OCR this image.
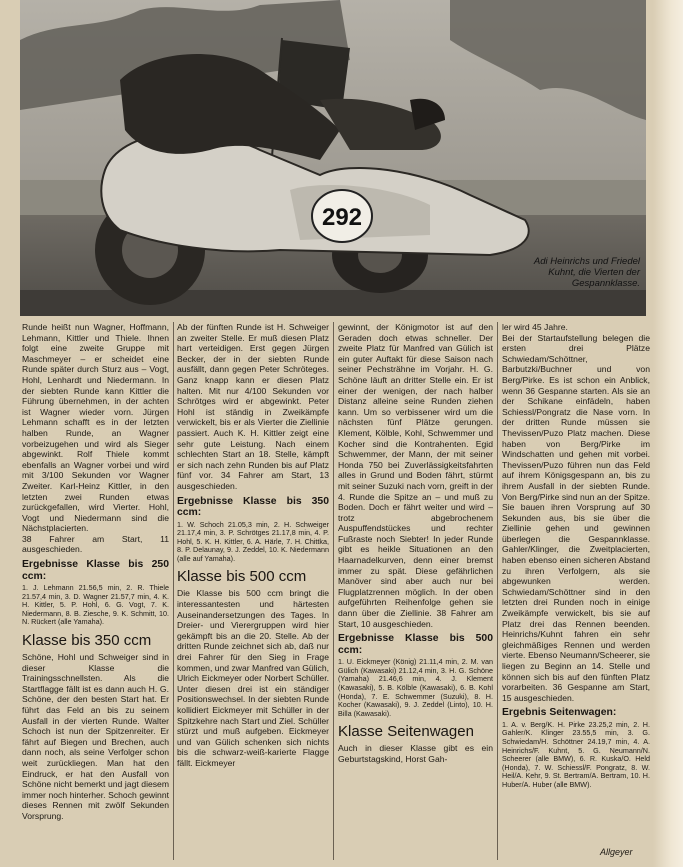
292
Adi Heinrichs und Friedel
Kuhnt, die Vierten der
Gespannklasse.

Runde heißt nun Wagner, Hoffmann, Lehmann, Kittler und Thiele. Ihnen folgt eine zweite Gruppe mit Maschmeyer – er scheidet eine Runde später durch Sturz aus – Vogt, Hohl, Lenhardt und Niedermann. In der siebten Runde kann Kittler die Führung übernehmen, in der achten ist Wagner wieder vorn. Jürgen Lehmann schafft es in der letzten halben Runde, an Wagner vorbeizugehen und wird als Sieger abgewinkt. Rolf Thiele kommt ebenfalls an Wagner vorbei und wird mit 3/100 Sekunden vor Wagner Zweiter. Karl-Heinz Kittler, in den letzten zwei Runden etwas zurückgefallen, wird Vierter. Hohl, Vogt und Niedermann sind die Nächstplacierten.

38 Fahrer am Start, 11 ausgeschieden.

Ergebnisse Klasse bis 250 ccm:

1. J. Lehmann 21.56,5 min, 2. R. Thiele 21.57,4 min, 3. D. Wagner 21.57,7 min, 4. K. H. Kittler, 5. P. Hohl, 6. G. Vogt, 7. K. Niedermann, 8. B. Ziesche, 9. K. Schmitt, 10. N. Rückert (alle Yamaha).

Klasse bis 350 ccm

Schöne, Hohl und Schweiger sind in dieser Klasse die Trainingsschnellsten. Als die Startflagge fällt ist es dann auch H. G. Schöne, der den besten Start hat. Er führt das Feld an bis zu seinem Ausfall in der vierten Runde. Walter Schoch ist nun der Spitzenreiter. Er fährt auf Biegen und Brechen, auch dann noch, als seine Verfolger schon weit zurückliegen. Man hat den Eindruck, er hat den Ausfall von Schöne nicht bemerkt und jagt diesem immer noch hinterher. Schoch gewinnt dieses Rennen mit zwölf Sekunden Vorsprung.

Ab der fünften Runde ist H. Schweiger an zweiter Stelle. Er muß diesen Platz hart verteidigen. Erst gegen Jürgen Becker, der in der siebten Runde ausfällt, dann gegen Peter Schröteges. Ganz knapp kann er diesen Platz halten. Mit nur 4/100 Sekunden vor Schrötges wird er abgewinkt. Peter Hohl ist ständig in Zweikämpfe verwickelt, bis er als Vierter die Ziellinie passiert. Auch K. H. Kittler zeigt eine sehr gute Leistung. Nach einem schlechten Start an 18. Stelle, kämpft er sich nach zehn Runden bis auf Platz fünf vor. 34 Fahrer am Start, 13 ausgeschieden.

Ergebnisse Klasse bis 350 ccm:

1. W. Schoch 21.05,3 min, 2. H. Schweiger 21.17,4 min, 3. P. Schrötges 21.17,8 min, 4. P. Hohl, 5. K. H. Kittler, 6. A. Härle, 7. H. Chittka, 8. P. Delaunay, 9. J. Zeddel, 10. K. Niedermann (alle auf Yamaha).

Klasse bis 500 ccm

Die Klasse bis 500 ccm bringt die interessantesten und härtesten Auseinandersetzungen des Tages. In Dreier- und Vierergruppen wird hier gekämpft bis an die 20. Stelle. Ab der dritten Runde zeichnet sich ab, daß nur drei Fahrer für den Sieg in Frage kommen, und zwar Manfred van Gülich, Ulrich Eickmeyer oder Norbert Schüller. Unter diesen drei ist ein ständiger Positionswechsel. In der siebten Runde kollidiert Eickmeyer mit Schüller in der Spitzkehre nach Start und Ziel. Schüller stürzt und muß aufgeben. Eickmeyer und van Gülich schenken sich nichts bis die schwarz-weiß-karierte Flagge fällt. Eickmeyer

gewinnt, der Königmotor ist auf den Geraden doch etwas schneller. Der zweite Platz für Manfred van Gülich ist ein guter Auftakt für diese Saison nach seiner Pechsträhne im Vorjahr. H. G. Schöne läuft an dritter Stelle ein. Er ist einer der wenigen, der nach halber Distanz alleine seine Runden ziehen kann. Um so verbissener wird um die nächsten fünf Plätze gerungen. Klement, Kölble, Kohl, Schwemmer und Kocher sind die Kontrahenten. Egid Schwemmer, der Mann, der mit seiner Honda 750 bei Zuverlässigkeitsfahrten alles in Grund und Boden fährt, stürmt mit seiner Suzuki nach vorn, greift in der 4. Runde die Spitze an – und muß zu Boden. Doch er fährt weiter und wird – trotz abgebrochenem Auspuffendstückes und rechter Fußraste noch Siebter! In jeder Runde gibt es heikle Situationen an den Haarnadelkurven, denn einer bremst immer zu spät. Diese gefährlichen Manöver sind aber auch nur bei Flugplatzrennen möglich. In der oben aufgeführten Reihenfolge gehen sie dann über die Ziellinie. 38 Fahrer am Start, 10 ausgeschieden.

Ergebnisse Klasse bis 500 ccm:

1. U. Eickmeyer (König) 21.11,4 min, 2. M. van Gülich (Kawasaki) 21.12,4 min, 3. H. G. Schöne (Yamaha) 21.46,6 min, 4. J. Klement (Kawasaki), 5. B. Kölble (Kawasaki), 6. B. Kohl (Honda), 7. E. Schwemmer (Suzuki), 8. H. Kocher (Kawasaki), 9. J. Zeddel (Linto), 10. H. Billa (Kawasaki).

Klasse Seitenwagen

Auch in dieser Klasse gibt es ein Geburtstagskind, Horst Gah-

ler wird 45 Jahre.

Bei der Startaufstellung belegen die ersten drei Plätze Schwiedam/Schöttner, Barbutzki/Buchner und von Berg/Pirke. Es ist schon ein Anblick, wenn 36 Gespanne starten. Als sie an der Schikane einfädeln, haben Schiessl/Pongratz die Nase vorn. In der dritten Runde müssen sie Thevissen/Puzo Platz machen. Diese haben von Berg/Pirke im Windschatten und gehen mit vorbei. Thevissen/Puzo führen nun das Feld auf ihrem Königsgespann an, bis zu ihrem Ausfall in der siebten Runde. Von Berg/Pirke sind nun an der Spitze. Sie bauen ihren Vorsprung auf 30 Sekunden aus, bis sie über die Ziellinie gehen und gewinnen überlegen die Gespannklasse. Gahler/Klinger, die Zweitplacierten, haben ebenso einen sicheren Abstand zu ihren Verfolgern, als sie abgewunken werden. Schwiedam/Schöttner sind in den letzten drei Runden noch in einige Zweikämpfe verwickelt, bis sie auf Platz drei das Rennen beenden. Heinrichs/Kuhnt fahren ein sehr gleichmäßiges Rennen und werden vierte. Ebenso Neumann/Scheerer, sie liegen zu Beginn an 14. Stelle und können sich bis auf den fünften Platz vorarbeiten. 36 Gespanne am Start, 15 ausgeschieden.

Ergebnis Seitenwagen:

1. A. v. Berg/K. H. Pirke 23.25,2 min, 2. H. Gahler/K. Klinger 23.55,5 min, 3. G. Schwiedam/H. Schöttner 24.19,7 min, 4. A. Heinrichs/F. Kuhnt, 5. G. Neumann/N. Scheerer (alle BMW), 6. R. Kuska/O. Held (Honda), 7. W. Schiessl/F. Pongratz, 8. W. Heil/A. Kehr, 9. St. Bertram/A. Bertram, 10. H. Huber/A. Huber (alle BMW).

Allgeyer
